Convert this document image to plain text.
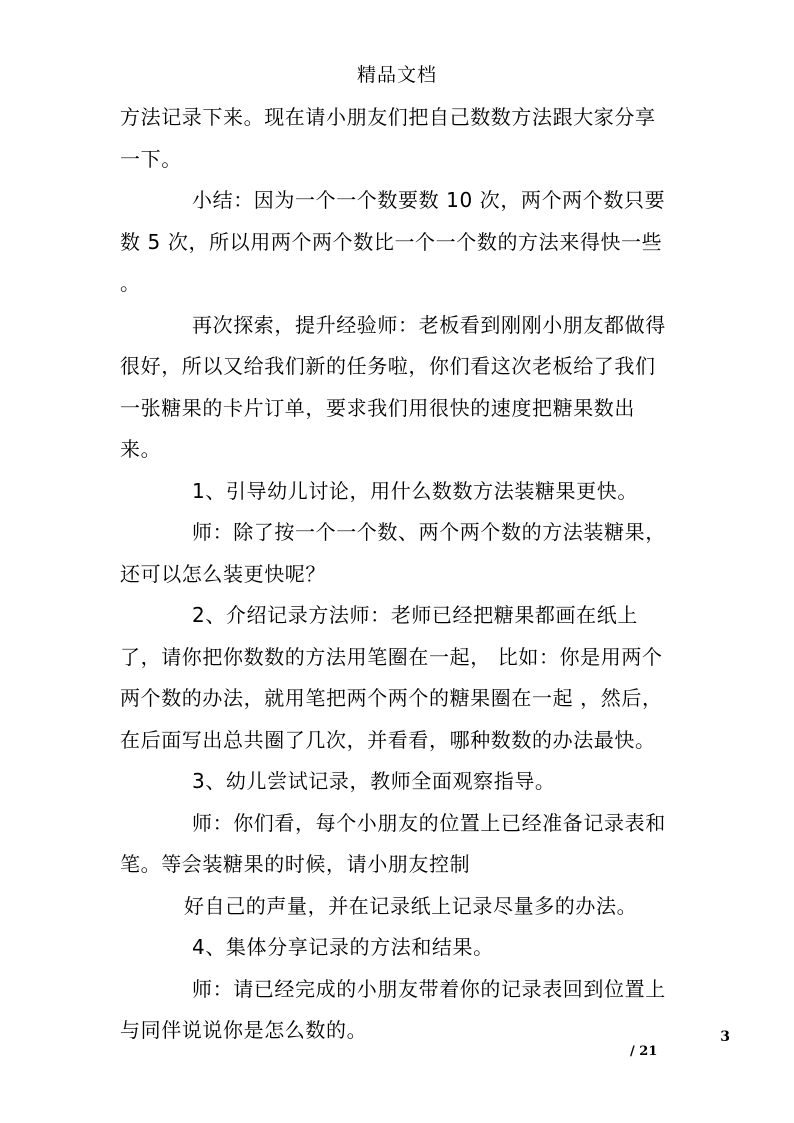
精品文档

方法记录下来。现在请小朋友们把自己数数方法跟大家分享一下。

小结：因为一个一个数要数 10 次，两个两个数只要数 5 次，所以用两个两个数比一个一个数的方法来得快一些 。

再次探索，提升经验师：老板看到刚刚小朋友都做得很好，所以又给我们新的任务啦，你们看这次老板给了我们一张糖果的卡片订单，要求我们用很快的速度把糖果数出来。

1、引导幼儿讨论，用什么数数方法装糖果更快。

师：除了按一个一个数、两个两个数的方法装糖果，还可以怎么装更快呢？

2、介绍记录方法师：老师已经把糖果都画在纸上了，请你把你数数的方法用笔圈在一起， 比如：你是用两个两个数的办法，就用笔把两个两个的糖果圈在一起 ，然后，在后面写出总共圈了几次，并看看，哪种数数的办法最快。

3、幼儿尝试记录，教师全面观察指导。

师：你们看，每个小朋友的位置上已经准备记录表和笔。等会装糖果的时候，请小朋友控制

好自己的声量，并在记录纸上记录尽量多的办法。

4、集体分享记录的方法和结果。

师：请已经完成的小朋友带着你的记录表回到位置上与同伴说说你是怎么数的。	3
/ 21
